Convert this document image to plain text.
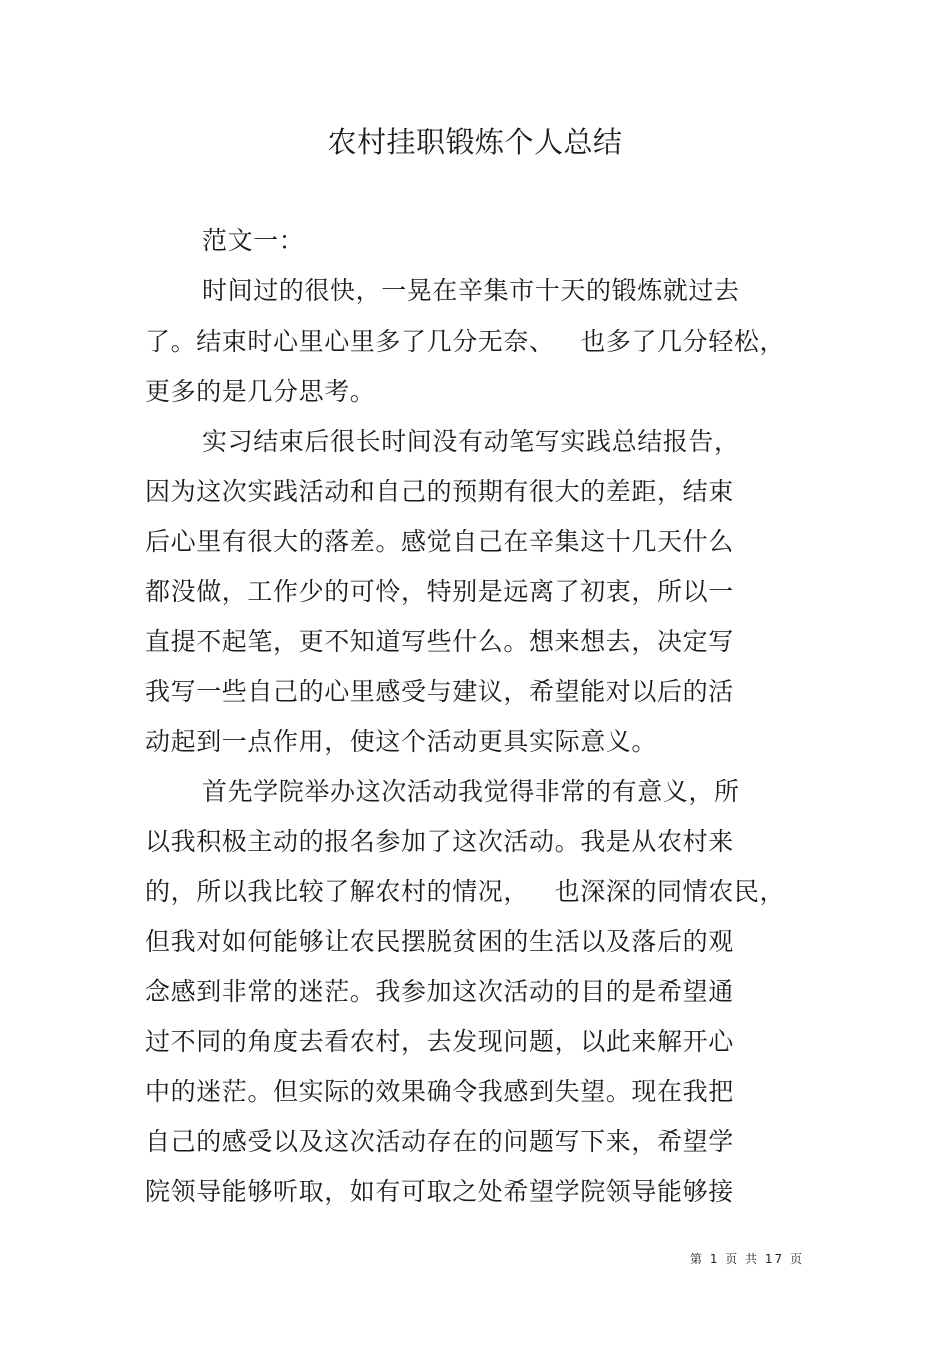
农村挂职锻炼个人总结
范文一：
时间过的很快，一晃在辛集市十天的锻炼就过去
了。结束时心里心里多了几分无奈、   也多了几分轻松，
更多的是几分思考。
实习结束后很长时间没有动笔写实践总结报告，
因为这次实践活动和自己的预期有很大的差距，结束
后心里有很大的落差。感觉自己在辛集这十几天什么
都没做，工作少的可怜，特别是远离了初衷，所以一
直提不起笔，更不知道写些什么。想来想去，决定写
我写一些自己的心里感受与建议，希望能对以后的活
动起到一点作用，使这个活动更具实际意义。
首先学院举办这次活动我觉得非常的有意义，所
以我积极主动的报名参加了这次活动。我是从农村来
的，所以我比较了解农村的情况，   也深深的同情农民，
但我对如何能够让农民摆脱贫困的生活以及落后的观
念感到非常的迷茫。我参加这次活动的目的是希望通
过不同的角度去看农村，去发现问题，以此来解开心
中的迷茫。但实际的效果确令我感到失望。现在我把
自己的感受以及这次活动存在的问题写下来，希望学
院领导能够听取，如有可取之处希望学院领导能够接
第 1 页 共 17 页
